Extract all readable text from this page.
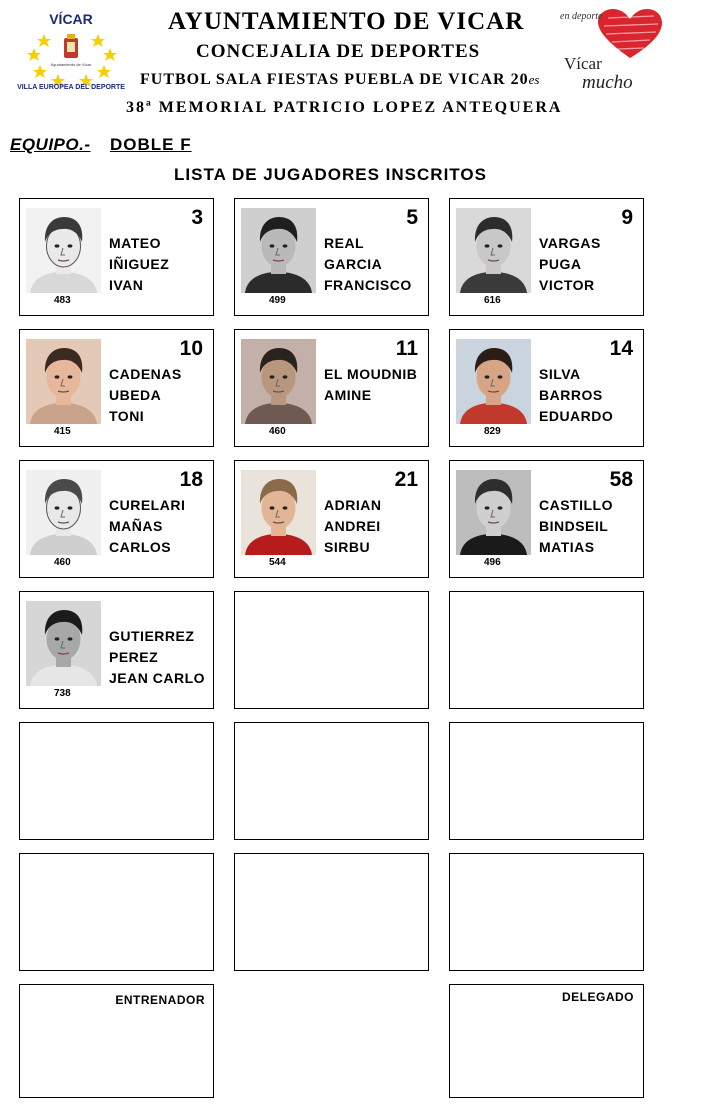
VÍCAR
Ayuntamiento de Vícar
VILLA EUROPEA DEL DEPORTE
en deporte
Vícar
mucho
AYUNTAMIENTO DE VICAR
CONCEJALIA DE DEPORTES
FUTBOL SALA FIESTAS PUEBLA DE VICAR 20es
38ª MEMORIAL PATRICIO LOPEZ ANTEQUERA
EQUIPO.- DOBLE F
LISTA DE JUGADORES INSCRITOS
3
MATEO
IÑIGUEZ
IVAN
483
5
REAL
GARCIA
FRANCISCO
499
9
VARGAS
PUGA
VICTOR
616
10
CADENAS
UBEDA
TONI
415
11
EL MOUDNIB
AMINE
460
14
SILVA
BARROS
EDUARDO
829
18
CURELARI
MAÑAS
CARLOS
460
21
ADRIAN
ANDREI
SIRBU
544
58
CASTILLO
BINDSEIL
MATIAS
496
GUTIERREZ
PEREZ
JEAN CARLO
738
ENTRENADOR	DELEGADO
